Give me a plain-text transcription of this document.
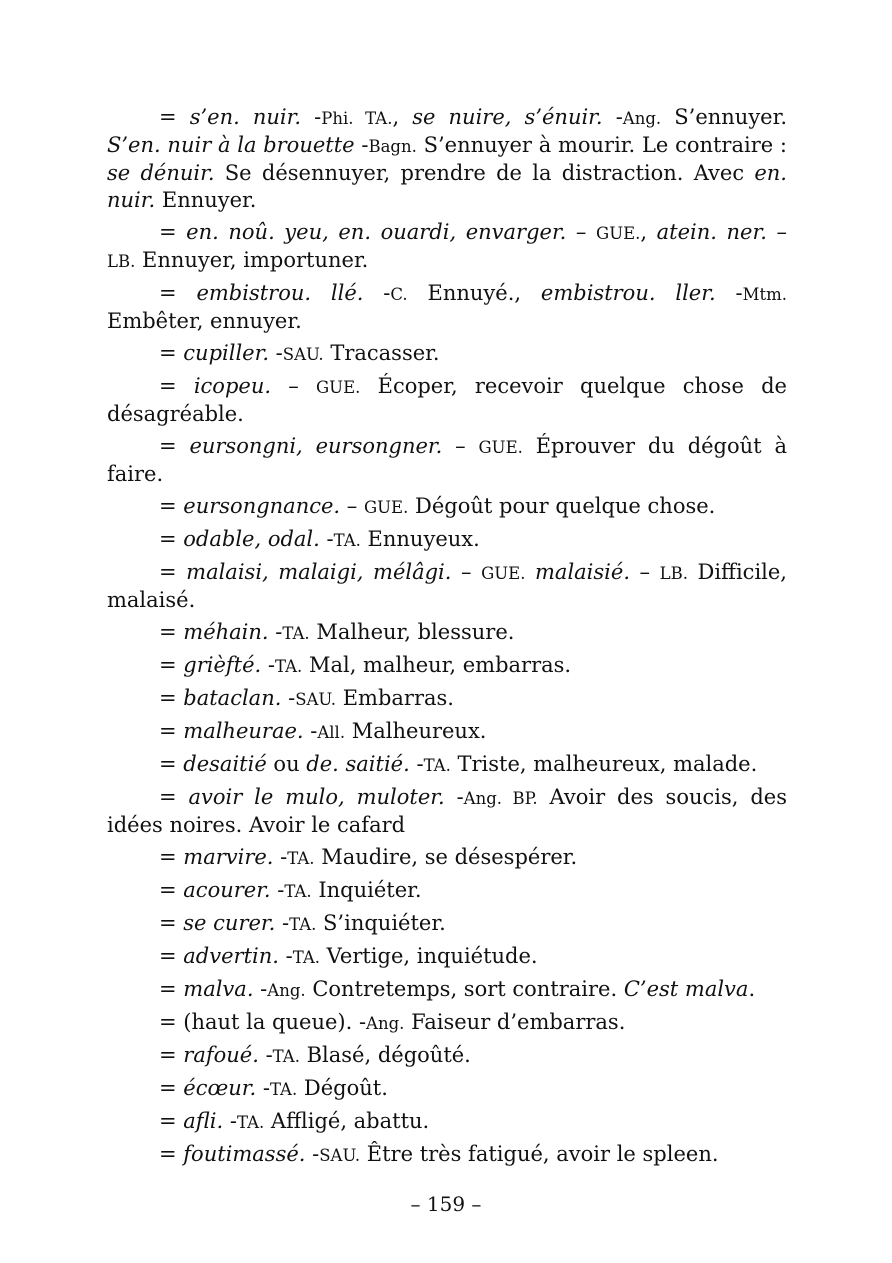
= s’en. nuir. -Phi. TA., se nuire, s’énuir. -Ang. S’ennuyer. S’en. nuir à la brouette -Bagn. S’ennuyer à mourir. Le contraire : se dénuir. Se désennuyer, prendre de la distraction. Avec en. nuir. Ennuyer.

= en. noû. yeu, en. ouardi, envarger. – GUE., atein. ner. – LB. Ennuyer, importuner.

= embistrou. llé. -C. Ennuyé., embistrou. ller. -Mtm. Embêter, ennuyer.

= cupiller. -SAU. Tracasser.

= icopeu. – GUE. Écoper, recevoir quelque chose de désagréable.

= eursongni, eursongner. – GUE. Éprouver du dégoût à faire.

= eursongnance. – GUE. Dégoût pour quelque chose.

= odable, odal. -TA. Ennuyeux.

= malaisi, malaigi, mélâgi. – GUE. malaisié. – LB. Difficile, malaisé.

= méhain. -TA. Malheur, blessure.

= grièfté. -TA. Mal, malheur, embarras.

= bataclan. -SAU. Embarras.

= malheurae. -All. Malheureux.

= desaitié ou de. saitié. -TA. Triste, malheureux, malade.

= avoir le mulo, muloter. -Ang. BP. Avoir des soucis, des idées noires. Avoir le cafard

= marvire. -TA. Maudire, se désespérer.

= acourer. -TA. Inquiéter.

= se curer. -TA. S’inquiéter.

= advertin. -TA. Vertige, inquiétude.

= malva. -Ang. Contretemps, sort contraire. C’est malva.

= (haut la queue). -Ang. Faiseur d’embarras.

= rafoué. -TA. Blasé, dégoûté.

= écœur. -TA. Dégoût.

= afli. -TA. Affligé, abattu.

= foutimassé. -SAU. Être très fatigué, avoir le spleen.

– 159 –
